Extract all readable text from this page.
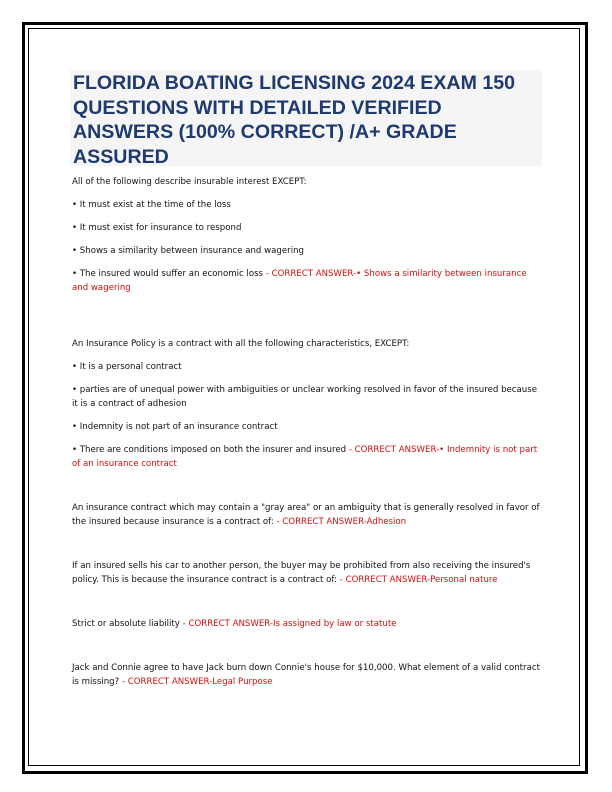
FLORIDA BOATING LICENSING 2024 EXAM 150 QUESTIONS WITH DETAILED VERIFIED ANSWERS (100% CORRECT) /A+ GRADE ASSURED

All of the following describe insurable interest EXCEPT:

• It must exist at the time of the loss

• It must exist for insurance to respond

• Shows a similarity between insurance and wagering

• The insured would suffer an economic loss - CORRECT ANSWER-• Shows a similarity between insurance and wagering

An Insurance Policy is a contract with all the following characteristics, EXCEPT:

• It is a personal contract

• parties are of unequal power with ambiguities or unclear working resolved in favor of the insured because it is a contract of adhesion

• Indemnity is not part of an insurance contract

• There are conditions imposed on both the insurer and insured - CORRECT ANSWER-• Indemnity is not part of an insurance contract

An insurance contract which may contain a "gray area" or an ambiguity that is generally resolved in favor of the insured because insurance is a contract of: - CORRECT ANSWER-Adhesion

If an insured sells his car to another person, the buyer may be prohibited from also receiving the insured's policy. This is because the insurance contract is a contract of: - CORRECT ANSWER-Personal nature

Strict or absolute liability - CORRECT ANSWER-Is assigned by law or statute

Jack and Connie agree to have Jack burn down Connie's house for $10,000. What element of a valid contract is missing? - CORRECT ANSWER-Legal Purpose
